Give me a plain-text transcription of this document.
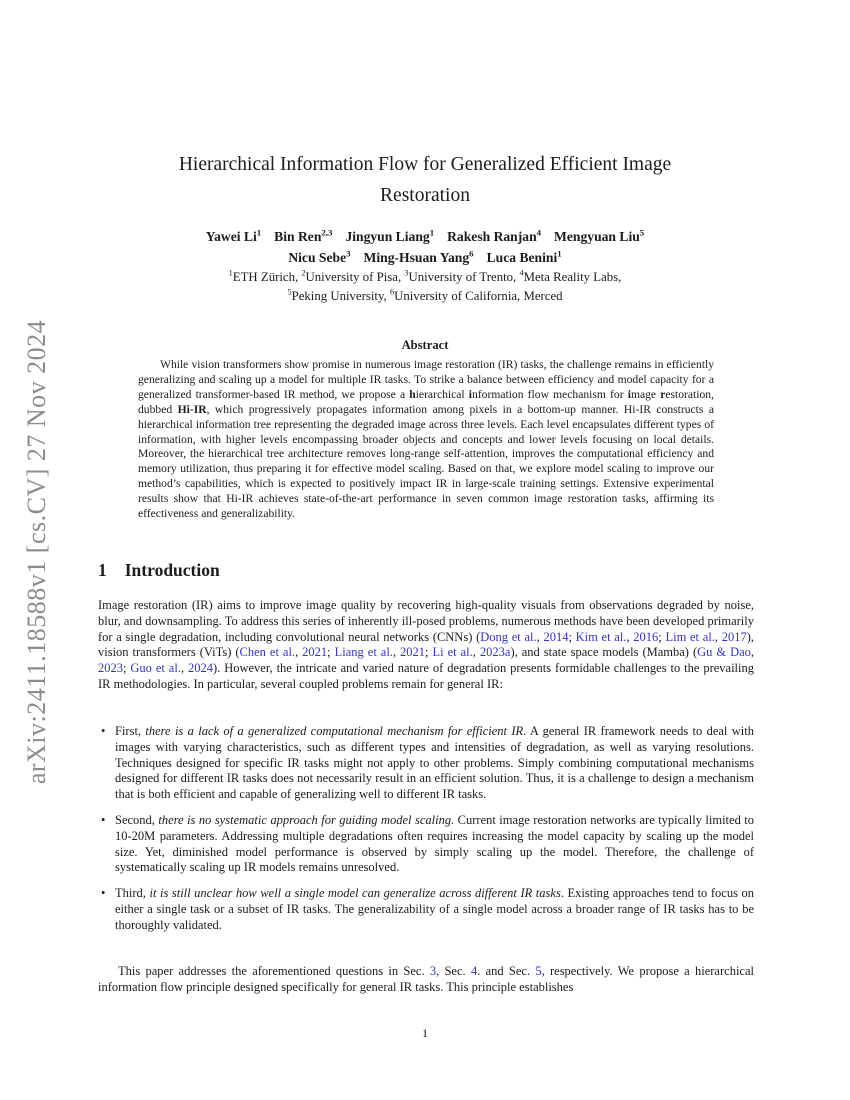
arXiv:2411.18588v1 [cs.CV] 27 Nov 2024
Hierarchical Information Flow for Generalized Efficient Image
Restoration
Yawei Li$^1$ Bin Ren$^{2,3}$ Jingyun Liang$^1$ Rakesh Ranjan$^4$ Mengyuan Liu$^5$
Nicu Sebe$^3$ Ming-Hsuan Yang$^6$ Luca Benini$^1$
$^1$ETH Zürich, $^2$University of Pisa, $^3$University of Trento, $^4$Meta Reality Labs,
$^5$Peking University, $^6$University of California, Merced
Abstract
While vision transformers show promise in numerous image restoration (IR) tasks, the challenge remains in efficiently generalizing and scaling up a model for multiple IR tasks. To strike a balance between efficiency and model capacity for a generalized transformer-based IR method, we propose a hierarchical information flow mechanism for image restoration, dubbed Hi-IR, which progressively propagates information among pixels in a bottom-up manner. Hi-IR constructs a hierarchical information tree representing the degraded image across three levels. Each level encapsulates different types of information, with higher levels encompassing broader objects and concepts and lower levels focusing on local details. Moreover, the hierarchical tree architecture removes long-range self-attention, improves the computational efficiency and memory utilization, thus preparing it for effective model scaling. Based on that, we explore model scaling to improve our method’s capabilities, which is expected to positively impact IR in large-scale training settings. Extensive experimental results show that Hi-IR achieves state-of-the-art performance in seven common image restoration tasks, affirming its effectiveness and generalizability.
1 Introduction

Image restoration (IR) aims to improve image quality by recovering high-quality visuals from observations degraded by noise, blur, and downsampling. To address this series of inherently ill-posed problems, numerous methods have been developed primarily for a single degradation, including convolutional neural networks (CNNs) (Dong et al., 2014; Kim et al., 2016; Lim et al., 2017), vision transformers (ViTs) (Chen et al., 2021; Liang et al., 2021; Li et al., 2023a), and state space models (Mamba) (Gu & Dao, 2023; Guo et al., 2024). However, the intricate and varied nature of degradation presents formidable challenges to the prevailing IR methodologies. In particular, several coupled problems remain for general IR:

• First, there is a lack of a generalized computational mechanism for efficient IR. A general IR framework needs to deal with images with varying characteristics, such as different types and intensities of degradation, as well as varying resolutions. Techniques designed for specific IR tasks might not apply to other problems. Simply combining computational mechanisms designed for different IR tasks does not necessarily result in an efficient solution. Thus, it is a challenge to design a mechanism that is both efficient and capable of generalizing well to different IR tasks.
• Second, there is no systematic approach for guiding model scaling. Current image restoration networks are typically limited to 10-20M parameters. Addressing multiple degradations often requires increasing the model capacity by scaling up the model size. Yet, diminished model performance is observed by simply scaling up the model. Therefore, the challenge of systematically scaling up IR models remains unresolved.
• Third, it is still unclear how well a single model can generalize across different IR tasks. Existing approaches tend to focus on either a single task or a subset of IR tasks. The generalizability of a single model across a broader range of IR tasks has to be thoroughly validated.

This paper addresses the aforementioned questions in Sec. 3, Sec. 4. and Sec. 5, respectively. We propose a hierarchical information flow principle designed specifically for general IR tasks. This principle establishes

1
